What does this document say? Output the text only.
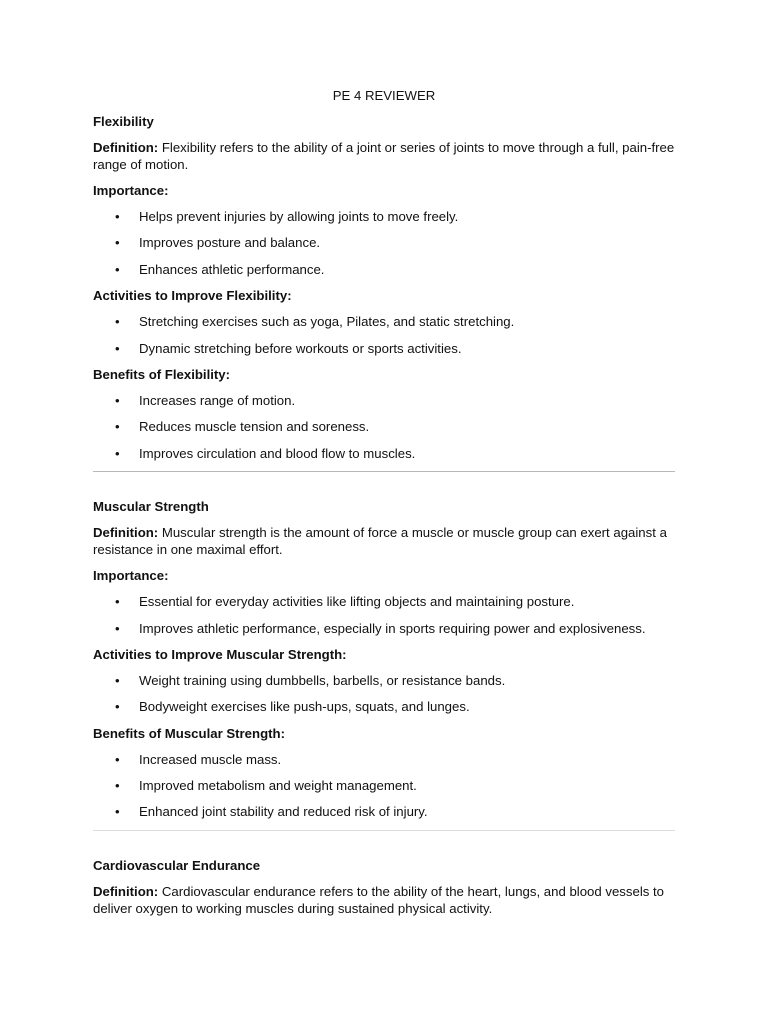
PE 4 REVIEWER
Flexibility
Definition: Flexibility refers to the ability of a joint or series of joints to move through a full, pain-free range of motion.
Importance:
• Helps prevent injuries by allowing joints to move freely.
• Improves posture and balance.
• Enhances athletic performance.
Activities to Improve Flexibility:
• Stretching exercises such as yoga, Pilates, and static stretching.
• Dynamic stretching before workouts or sports activities.
Benefits of Flexibility:
• Increases range of motion.
• Reduces muscle tension and soreness.
• Improves circulation and blood flow to muscles.
Muscular Strength
Definition: Muscular strength is the amount of force a muscle or muscle group can exert against a resistance in one maximal effort.
Importance:
• Essential for everyday activities like lifting objects and maintaining posture.
• Improves athletic performance, especially in sports requiring power and explosiveness.
Activities to Improve Muscular Strength:
• Weight training using dumbbells, barbells, or resistance bands.
• Bodyweight exercises like push-ups, squats, and lunges.
Benefits of Muscular Strength:
• Increased muscle mass.
• Improved metabolism and weight management.
• Enhanced joint stability and reduced risk of injury.
Cardiovascular Endurance
Definition: Cardiovascular endurance refers to the ability of the heart, lungs, and blood vessels to deliver oxygen to working muscles during sustained physical activity.
